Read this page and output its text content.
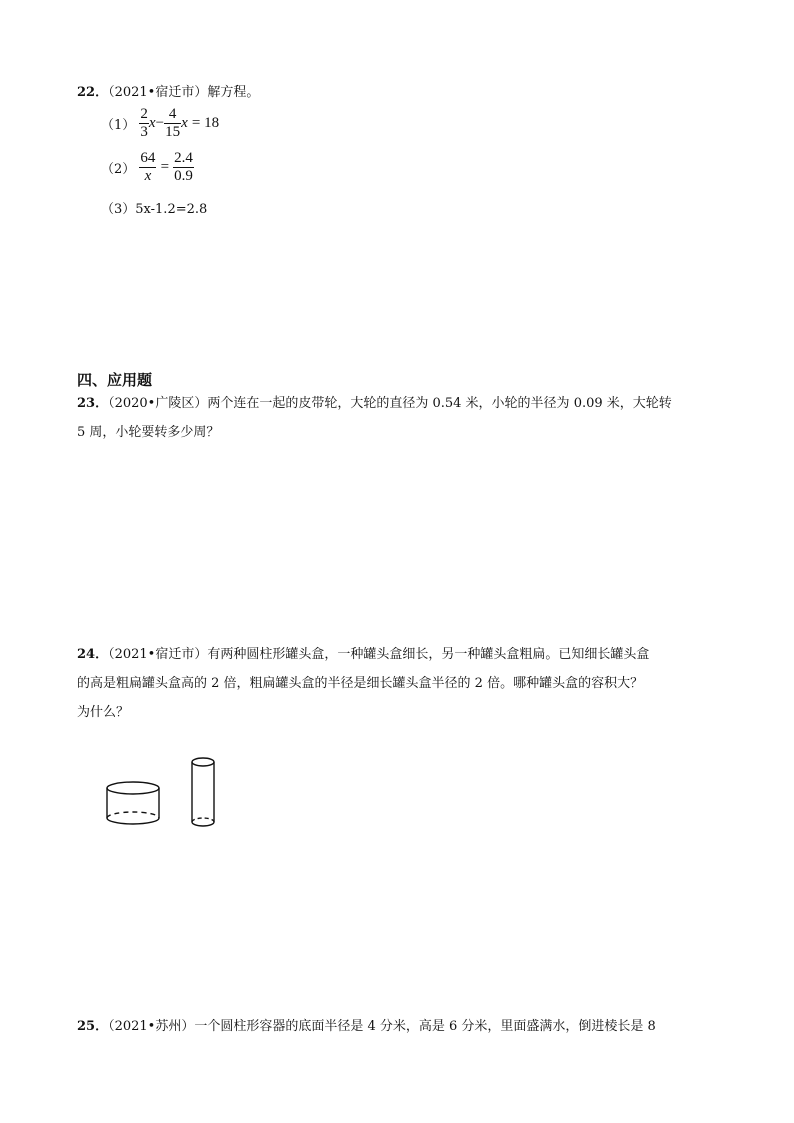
22．（2021•宿迁市）解方程。
$(1) \frac{2}{3} x- \frac{4}{15}$ x = 18
$(2) \frac{64}{x} = \frac{2.4}{0.9}$
（3）5x-1.2=2.8
四、应用题
23．（2020•广陵区）两个连在一起的皮带轮，大轮的直径为 0.54 米，小轮的半径为 0.09 米，大轮转
5 周，小轮要转多少周？
24．（2021•宿迁市）有两种圆柱形罐头盒，一种罐头盒细长，另一种罐头盒粗扁。已知细长罐头盒
的高是粗扁罐头盒高的 2 倍，粗扁罐头盒的半径是细长罐头盒半径的 2 倍。哪种罐头盒的容积大？
为什么？
25．（2021•苏州）一个圆柱形容器的底面半径是 4 分米，高是 6 分米，里面盛满水，倒进棱长是 8
